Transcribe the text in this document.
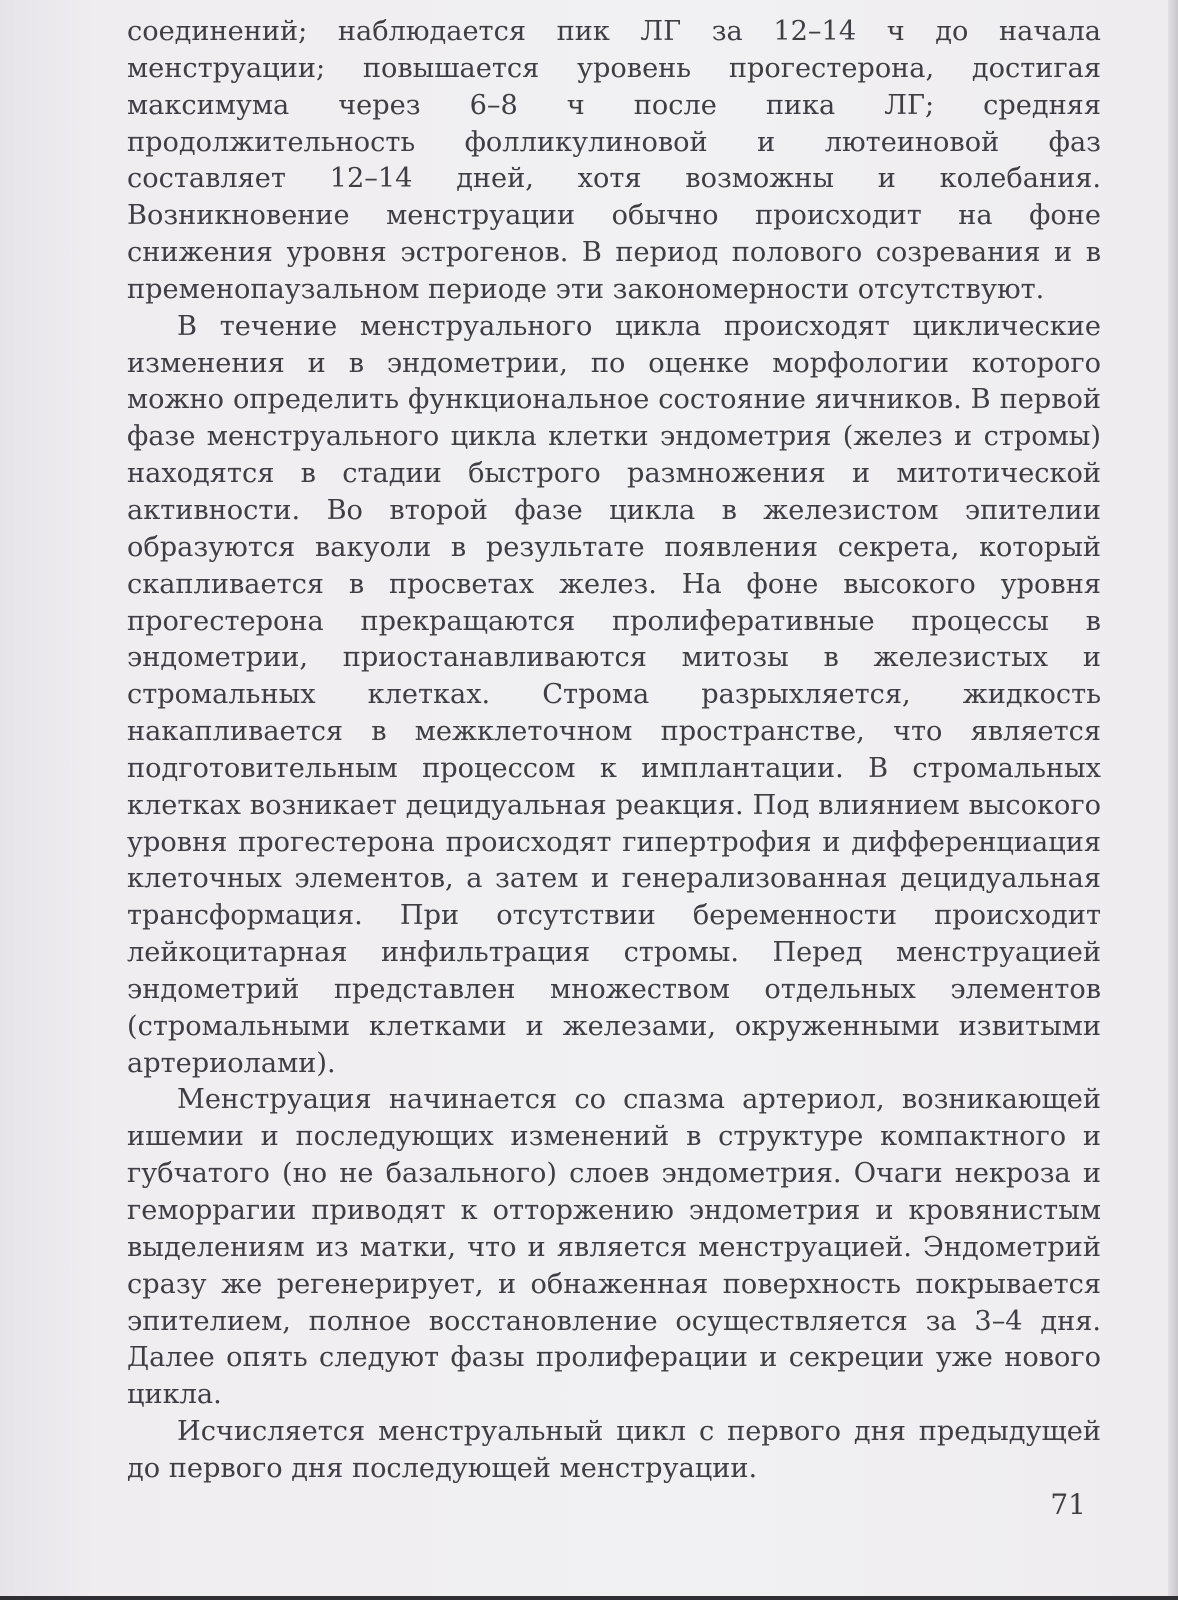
соединений; наблюдается пик ЛГ за 12–14 ч до начала менструации; повышается уровень прогестерона, достигая максимума через 6–8 ч после пика ЛГ; средняя продолжительность фолликулиновой и лютеиновой фаз составляет 12–14 дней, хотя возможны и колебания. Возникновение менструации обычно происходит на фоне снижения уровня эстрогенов. В период полового созревания и в пременопаузальном периоде эти закономерности отсутствуют.

В течение менструального цикла происходят циклические изменения и в эндометрии, по оценке морфологии которого можно определить функциональное состояние яичников. В первой фазе менструального цикла клетки эндометрия (желез и стромы) находятся в стадии быстрого размножения и митотической активности. Во второй фазе цикла в железистом эпителии образуются вакуоли в результате появления секрета, который скапливается в просветах желез. На фоне высокого уровня прогестерона прекращаются пролиферативные процессы в эндометрии, приостанавливаются митозы в железистых и стромальных клетках. Строма разрыхляется, жидкость накапливается в межклеточном пространстве, что является подготовительным процессом к имплантации. В стромальных клетках возникает децидуальная реакция. Под влиянием высокого уровня прогестерона происходят гипертрофия и дифференциация клеточных элементов, а затем и генерализованная децидуальная трансформация. При отсутствии беременности происходит лейкоцитарная инфильтрация стромы. Перед менструацией эндометрий представлен множеством отдельных элементов (стромальными клетками и железами, окруженными извитыми артериолами).

Менструация начинается со спазма артериол, возникающей ишемии и последующих изменений в структуре компактного и губчатого (но не базального) слоев эндометрия. Очаги некроза и геморрагии приводят к отторжению эндометрия и кровянистым выделениям из матки, что и является менструацией. Эндометрий сразу же регенерирует, и обнаженная поверхность покрывается эпителием, полное восстановление осуществляется за 3–4 дня. Далее опять следуют фазы пролиферации и секреции уже нового цикла.

Исчисляется менструальный цикл с первого дня предыдущей до первого дня последующей менструации.

71
